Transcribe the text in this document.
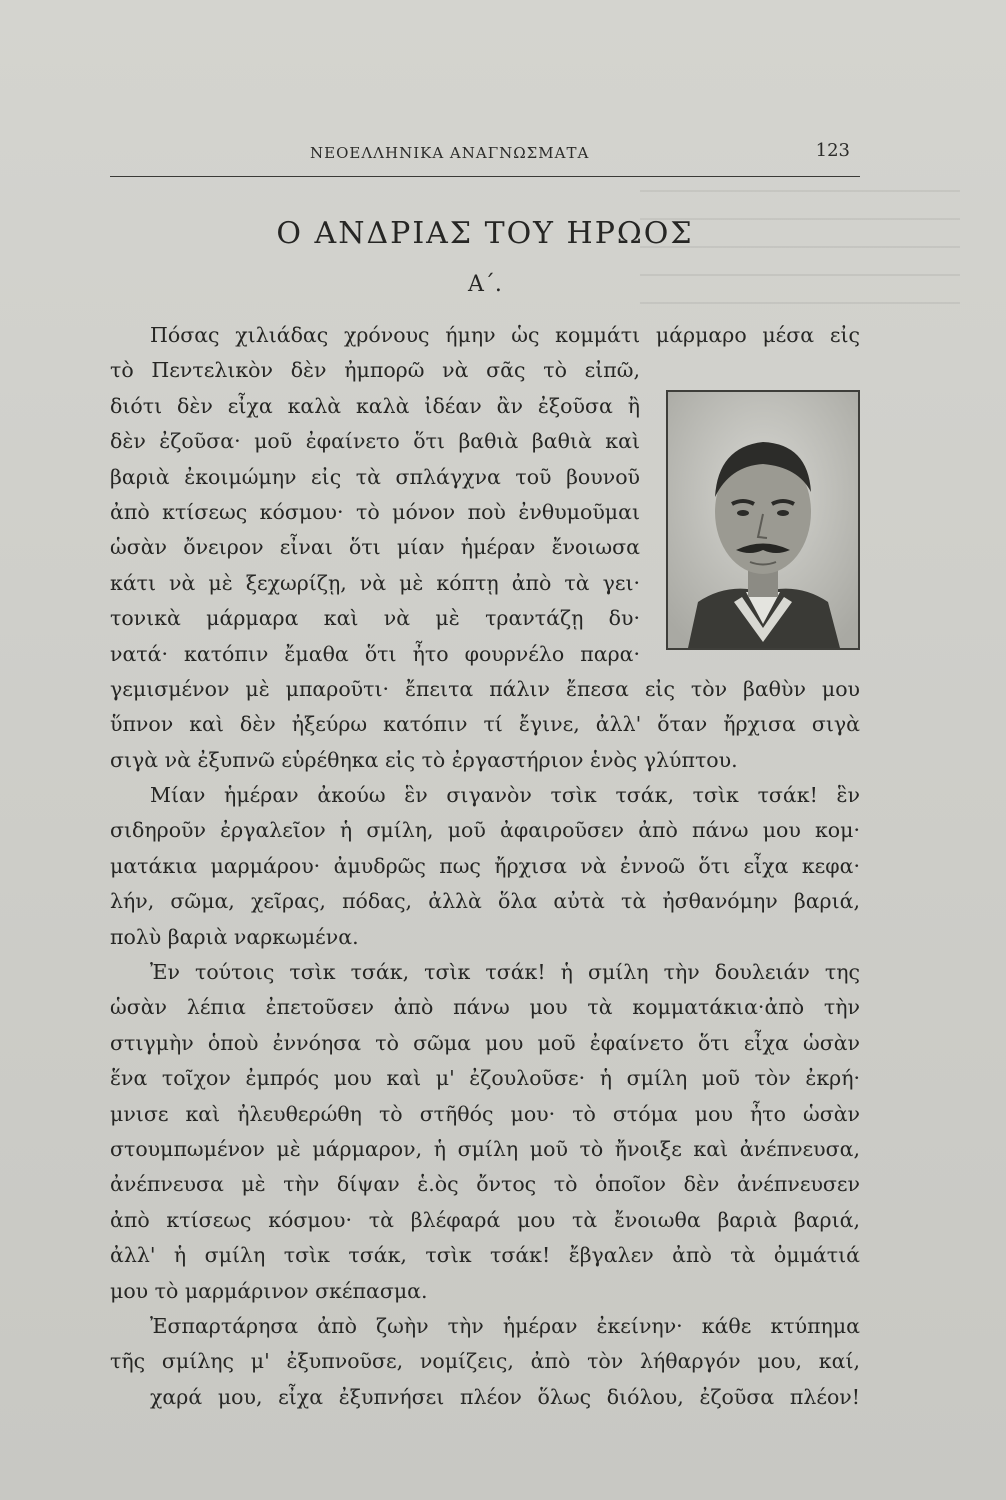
ΝΕΟΕΛΛΗΝΙΚΑ ΑΝΑΓΝΩΣΜΑΤΑ	123
Ο ΑΝΔΡΙΑΣ ΤΟΥ ΗΡΩΟΣ
Α΄.
Πόσας χιλιάδας χρόνους ήμην ὡς κομμάτι μάρμαρο μέσα εἰς
τὸ Πεντελικὸν δὲν ἠμπορῶ νὰ σᾶς τὸ εἰπῶ,
διότι δὲν εἶχα καλὰ καλὰ ἰδέαν ἂν ἐξοῦσα ἢ
δὲν ἐζοῦσα· μοῦ ἐφαίνετο ὅτι βαθιὰ βαθιὰ καὶ
βαριὰ ἐκοιμώμην εἰς τὰ σπλάγχνα τοῦ βουνοῦ
ἀπὸ κτίσεως κόσμου· τὸ μόνον ποὺ ἐνθυμοῦμαι
ὡσὰν ὄνειρον εἶναι ὅτι μίαν ἡμέραν ἔνοιωσα
κάτι νὰ μὲ ξεχωρίζῃ, νὰ μὲ κόπτῃ ἀπὸ τὰ γει·
τονικὰ μάρμαρα καὶ νὰ μὲ τραντάζῃ δυ·
νατά· κατόπιν ἔμαθα ὅτι ἦτο φουρνέλο παρα·
γεμισμένον μὲ μπαροῦτι· ἔπειτα πάλιν ἔπεσα εἰς τὸν βαθὺν μου
ὕπνον καὶ δὲν ἠξεύρω κατόπιν τί ἔγινε, ἀλλ' ὅταν ἤρχισα σιγὰ
σιγὰ νὰ ἐξυπνῶ εὑρέθηκα εἰς τὸ ἐργαστήριον ἑνὸς γλύπτου.
Μίαν ἡμέραν ἀκούω ἓν σιγανὸν τσὶκ τσάκ, τσὶκ τσάκ! ἓν
σιδηροῦν ἐργαλεῖον ἡ σμίλη, μοῦ ἀφαιροῦσεν ἀπὸ πάνω μου κομ·
ματάκια μαρμάρου· ἀμυδρῶς πως ἤρχισα νὰ ἐννοῶ ὅτι εἶχα κεφα·
λήν, σῶμα, χεῖρας, πόδας, ἀλλὰ ὅλα αὐτὰ τὰ ἠσθανόμην βαριά,
πολὺ βαριὰ ναρκωμένα.
Ἐν τούτοις τσὶκ τσάκ, τσὶκ τσάκ! ἡ σμίλη τὴν δουλειάν της
ὡσὰν λέπια ἐπετοῦσεν ἀπὸ πάνω μου τὰ κομματάκια·ἀπὸ τὴν
στιγμὴν ὁποὺ ἐννόησα τὸ σῶμα μου μοῦ ἐφαίνετο ὅτι εἶχα ὡσὰν
ἕνα τοῖχον ἐμπρός μου καὶ μ' ἐζουλοῦσε· ἡ σμίλη μοῦ τὸν ἐκρή·
μνισε καὶ ἠλευθερώθη τὸ στῆθός μου· τὸ στόμα μου ἦτο ὡσὰν
στουμπωμένον μὲ μάρμαρον, ἡ σμίλη μοῦ τὸ ἤνοιξε καὶ ἀνέπνευσα,
ἀνέπνευσα μὲ τὴν δίψαν ἑ.ὸς ὄντος τὸ ὁποῖον δὲν ἀνέπνευσεν
ἀπὸ κτίσεως κόσμου· τὰ βλέφαρά μου τὰ ἔνοιωθα βαριὰ βαριά,
ἀλλ' ἡ σμίλη τσὶκ τσάκ, τσὶκ τσάκ! ἔβγαλεν ἀπὸ τὰ ὀμμάτιά
μου τὸ μαρμάρινον σκέπασμα.
Ἐσπαρτάρησα ἀπὸ ζωὴν τὴν ἡμέραν ἐκείνην· κάθε κτύπημα
τῆς σμίλης μ' ἐξυπνοῦσε, νομίζεις, ἀπὸ τὸν λήθαργόν μου, καί,
χαρά μου, εἶχα ἐξυπνήσει πλέον ὅλως διόλου, ἐζοῦσα πλέον!
